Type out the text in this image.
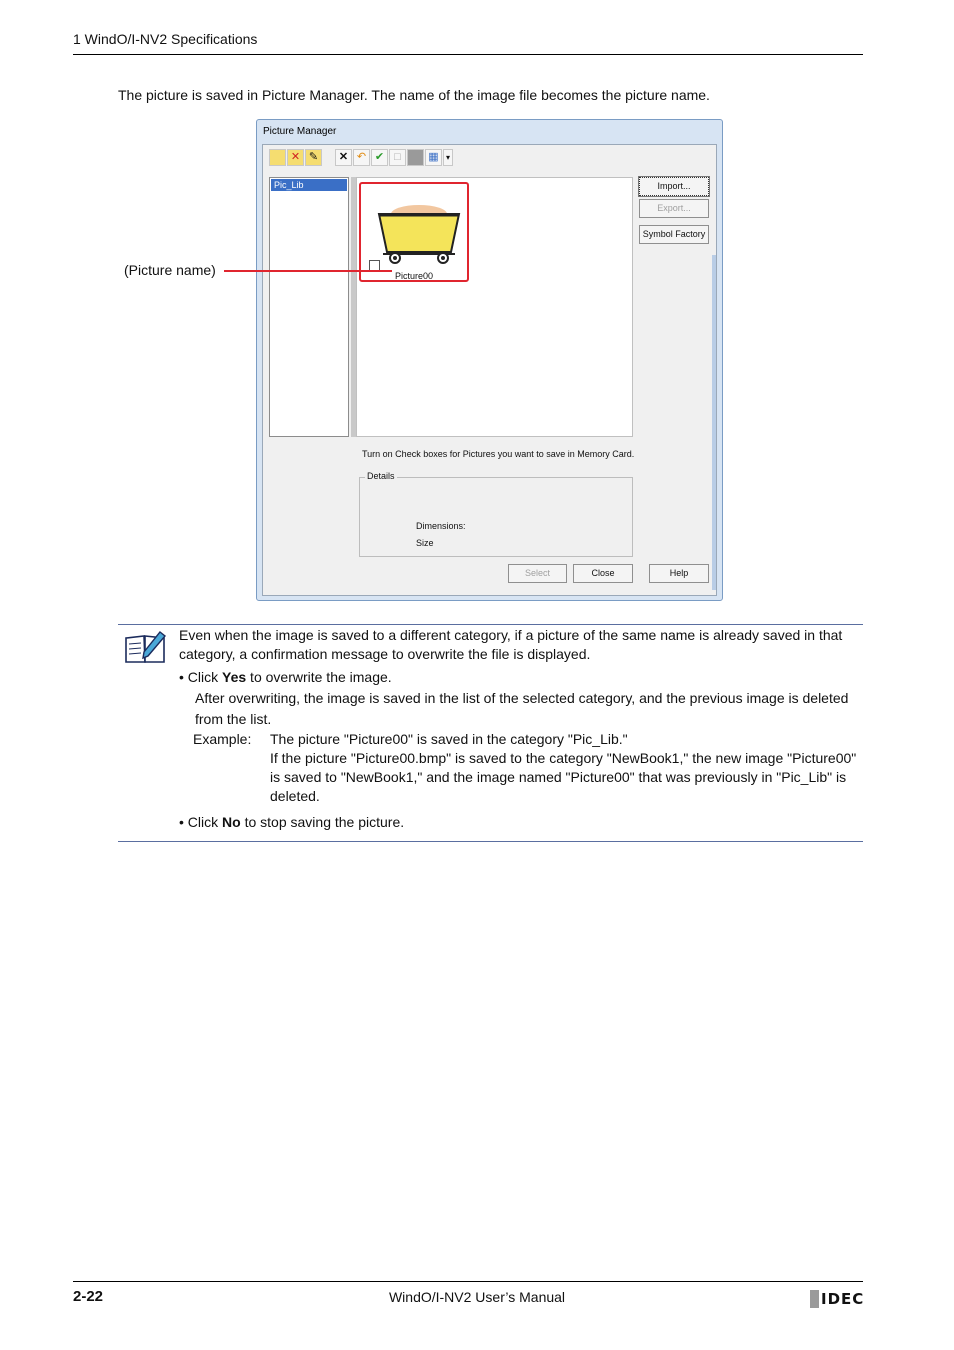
1 WindO/I-NV2 Specifications
The picture is saved in Picture Manager. The name of the image file becomes the picture name.
Picture Manager
✕ ✎	✕ ↶ ✔ □	▦ ▾
Pic_Lib
Picture00
Import...
Export...
Symbol Factory
Turn on Check boxes for Pictures you want to save in Memory Card.
Details
Dimensions:
Size
Select	Close	Help
(Picture name)
Even when the image is saved to a different category, if a picture of the same name is already saved in that category, a confirmation message to overwrite the file is displayed.
• Click Yes to overwrite the image.
After overwriting, the image is saved in the list of the selected category, and the previous image is deleted from the list.
Example:	The picture "Picture00" is saved in the category "Pic_Lib."
If the picture "Picture00.bmp" is saved to the category "NewBook1," the new image "Picture00" is saved to "NewBook1," and the image named "Picture00" that was previously in "Pic_Lib" is deleted.
• Click No to stop saving the picture.
2-22	WindO/I-NV2 User’s Manual	IDEC
